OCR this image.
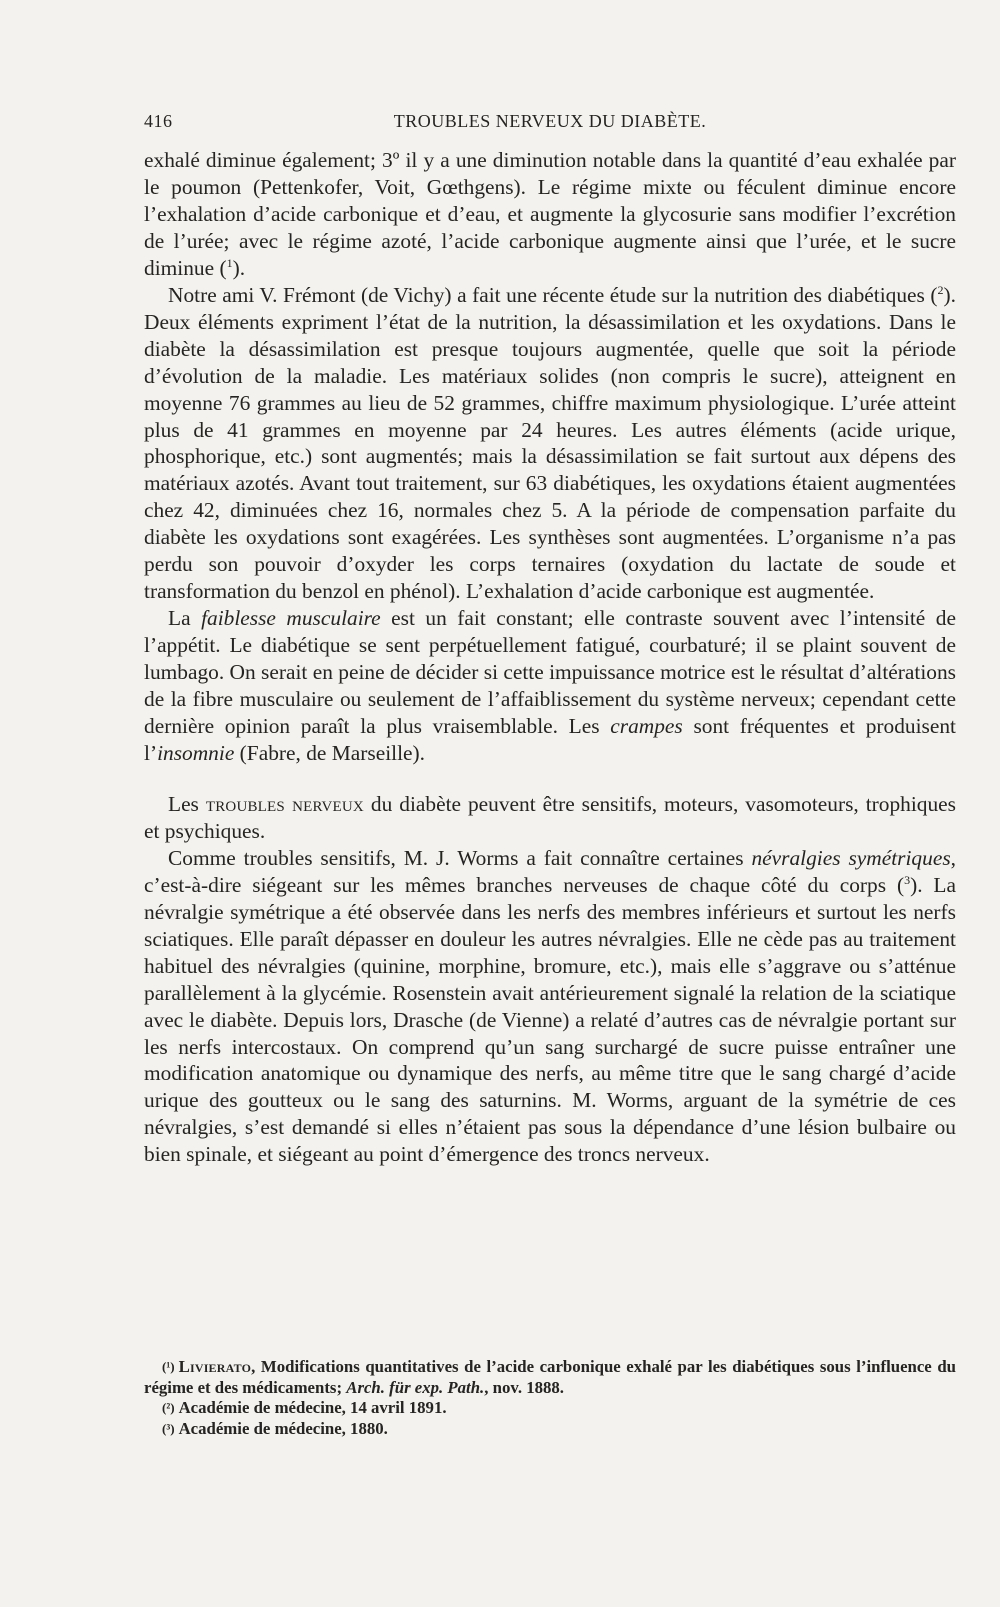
416	TROUBLES NERVEUX DU DIABÈTE.

exhalé diminue également; 3º il y a une diminution notable dans la quantité d’eau exhalée par le poumon (Pettenkofer, Voit, Gœthgens). Le régime mixte ou féculent diminue encore l’exhalation d’acide carbonique et d’eau, et augmente la glycosurie sans modifier l’excrétion de l’urée; avec le régime azoté, l’acide carbonique augmente ainsi que l’urée, et le sucre diminue ($^1$).

Notre ami V. Frémont (de Vichy) a fait une récente étude sur la nutrition des diabétiques ($^2$). Deux éléments expriment l’état de la nutrition, la désassimilation et les oxydations. Dans le diabète la désassimilation est presque toujours augmentée, quelle que soit la période d’évolution de la maladie. Les matériaux solides (non compris le sucre), atteignent en moyenne 76 grammes au lieu de 52 grammes, chiffre maximum physiologique. L’urée atteint plus de 41 grammes en moyenne par 24 heures. Les autres éléments (acide urique, phosphorique, etc.) sont augmentés; mais la désassimilation se fait surtout aux dépens des matériaux azotés. Avant tout traitement, sur 63 diabétiques, les oxydations étaient augmentées chez 42, diminuées chez 16, normales chez 5. A la période de compensation parfaite du diabète les oxydations sont exagérées. Les synthèses sont augmentées. L’organisme n’a pas perdu son pouvoir d’oxyder les corps ternaires (oxydation du lactate de soude et transformation du benzol en phénol). L’exhalation d’acide carbonique est augmentée.

La faiblesse musculaire est un fait constant; elle contraste souvent avec l’intensité de l’appétit. Le diabétique se sent perpétuellement fatigué, courbaturé; il se plaint souvent de lumbago. On serait en peine de décider si cette impuissance motrice est le résultat d’altérations de la fibre musculaire ou seulement de l’affaiblissement du système nerveux; cependant cette dernière opinion paraît la plus vraisemblable. Les crampes sont fréquentes et produisent l’insomnie (Fabre, de Marseille).

Les troubles nerveux du diabète peuvent être sensitifs, moteurs, vasomoteurs, trophiques et psychiques.

Comme troubles sensitifs, M. J. Worms a fait connaître certaines névralgies symétriques, c’est-à-dire siégeant sur les mêmes branches nerveuses de chaque côté du corps ($^3$). La névralgie symétrique a été observée dans les nerfs des membres inférieurs et surtout les nerfs sciatiques. Elle paraît dépasser en douleur les autres névralgies. Elle ne cède pas au traitement habituel des névralgies (quinine, morphine, bromure, etc.), mais elle s’aggrave ou s’atténue parallèlement à la glycémie. Rosenstein avait antérieurement signalé la relation de la sciatique avec le diabète. Depuis lors, Drasche (de Vienne) a relaté d’autres cas de névralgie portant sur les nerfs intercostaux. On comprend qu’un sang surchargé de sucre puisse entraîner une modification anatomique ou dynamique des nerfs, au même titre que le sang chargé d’acide urique des goutteux ou le sang des saturnins. M. Worms, arguant de la symétrie de ces névralgies, s’est demandé si elles n’étaient pas sous la dépendance d’une lésion bulbaire ou bien spinale, et siégeant au point d’émergence des troncs nerveux.

(¹) Livierato, Modifications quantitatives de l’acide carbonique exhalé par les diabétiques sous l’influence du régime et des médicaments; Arch. für exp. Path., nov. 1888.

(²) Académie de médecine, 14 avril 1891.

(³) Académie de médecine, 1880.
